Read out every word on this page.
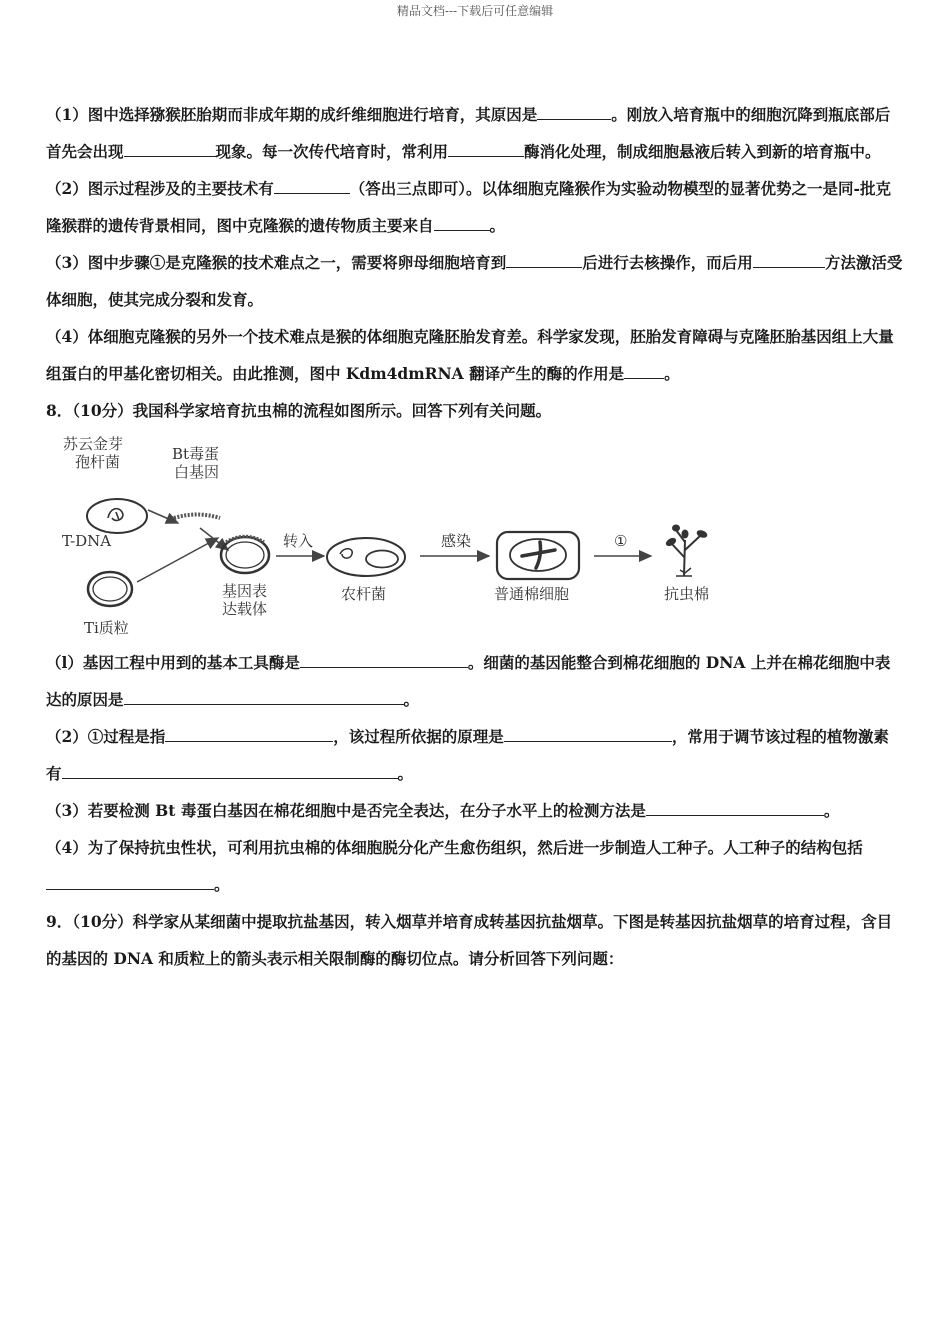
精品文档---下载后可任意编辑

（1）图中选择猕猴胚胎期而非成年期的成纤维细胞进行培育，其原因是	。刚放入培育瓶中的细胞沉降到瓶底部后首先会出现	现象。每一次传代培育时，常利用	酶消化处理，制成细胞悬液后转入到新的培育瓶中。

（2）图示过程涉及的主要技术有	（答出三点即可）。以体细胞克隆猴作为实验动物模型的显著优势之一是同-批克隆猴群的遗传背景相同，图中克隆猴的遗传物质主要来自	。

（3）图中步骤①是克隆猴的技术难点之一，需要将卵母细胞培育到	后进行去核操作，而后用	方法激活受体细胞，使其完成分裂和发育。

（4）体细胞克隆猴的另外一个技术难点是猴的体细胞克隆胚胎发育差。科学家发现，胚胎发育障碍与克隆胚胎基因组上大量组蛋白的甲基化密切相关。由此推测，图中 Kdm4dmRNA 翻译产生的酶的作用是	。

8．（10分）我国科学家培育抗虫棉的流程如图所示。回答下列有关问题。

苏云金芽
孢杆菌	Bt毒蛋
白基因
T-DNA
Ti质粒
基因表
达载体
转入
农杆菌
感染
普通棉细胞
①
抗虫棉

（l）基因工程中用到的基本工具酶是	。细菌的基因能整合到棉花细胞的 DNA 上并在棉花细胞中表达的原因是	。

（2）①过程是指	，该过程所依据的原理是	，常用于调节该过程的植物激素有	。

（3）若要检测 Bt 毒蛋白基因在棉花细胞中是否完全表达，在分子水平上的检测方法是	。

（4）为了保持抗虫性状，可利用抗虫棉的体细胞脱分化产生愈伤组织，然后进一步制造人工种子。人工种子的结构包括。

9．（10分）科学家从某细菌中提取抗盐基因，转入烟草并培育成转基因抗盐烟草。下图是转基因抗盐烟草的培育过程，含目的基因的 DNA 和质粒上的箭头表示相关限制酶的酶切位点。请分析回答下列问题：
